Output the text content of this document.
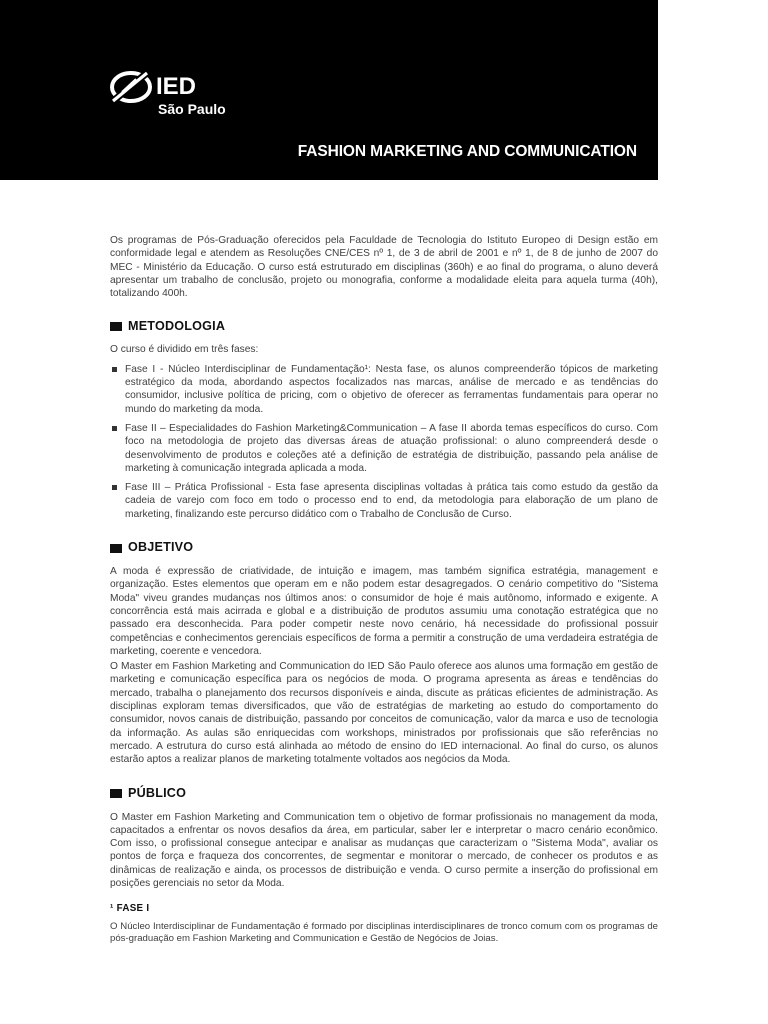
IED
São Paulo
FASHION MARKETING AND COMMUNICATION

Os programas de Pós-Graduação oferecidos pela Faculdade de Tecnologia do Istituto Europeo di Design estão em conformidade legal e atendem as Resoluções CNE/CES nº 1, de 3 de abril de 2001 e nº 1, de 8 de junho de 2007 do MEC - Ministério da Educação. O curso está estruturado em disciplinas (360h) e ao final do programa, o aluno deverá apresentar um trabalho de conclusão, projeto ou monografia, conforme a modalidade eleita para aquela turma (40h), totalizando 400h.

METODOLOGIA

O curso é dividido em três fases:

Fase I - Núcleo Interdisciplinar de Fundamentação¹: Nesta fase, os alunos compreenderão tópicos de marketing estratégico da moda, abordando aspectos focalizados nas marcas, análise de mercado e as tendências do consumidor, inclusive política de pricing, com o objetivo de oferecer as ferramentas fundamentais para operar no mundo do marketing da moda.
Fase II – Especialidades do Fashion Marketing&Communication – A fase II aborda temas específicos do curso. Com foco na metodologia de projeto das diversas áreas de atuação profissional: o aluno compreenderá desde o desenvolvimento de produtos e coleções até a definição de estratégia de distribuição, passando pela análise de marketing à comunicação integrada aplicada a moda.
Fase III – Prática Profissional - Esta fase apresenta disciplinas voltadas à prática tais como estudo da gestão da cadeia de varejo com foco em todo o processo end to end, da metodologia para elaboração de um plano de marketing, finalizando este percurso didático com o Trabalho de Conclusão de Curso.
OBJETIVO

A moda é expressão de criatividade, de intuição e imagem, mas também significa estratégia, management e organização. Estes elementos que operam em e não podem estar desagregados. O cenário competitivo do "Sistema Moda" viveu grandes mudanças nos últimos anos: o consumidor de hoje é mais autônomo, informado e exigente. A concorrência está mais acirrada e global e a distribuição de produtos assumiu uma conotação estratégica que no passado era desconhecida. Para poder competir neste novo cenário, há necessidade do profissional possuir competências e conhecimentos gerenciais específicos de forma a permitir a construção de uma verdadeira estratégia de marketing, coerente e vencedora.

O Master em Fashion Marketing and Communication do IED São Paulo oferece aos alunos uma formação em gestão de marketing e comunicação específica para os negócios de moda. O programa apresenta as áreas e tendências do mercado, trabalha o planejamento dos recursos disponíveis e ainda, discute as práticas eficientes de administração. As disciplinas exploram temas diversificados, que vão de estratégias de marketing ao estudo do comportamento do consumidor, novos canais de distribuição, passando por conceitos de comunicação, valor da marca e uso de tecnologia da informação. As aulas são enriquecidas com workshops, ministrados por profissionais que são referências no mercado. A estrutura do curso está alinhada ao método de ensino do IED internacional. Ao final do curso, os alunos estarão aptos a realizar planos de marketing totalmente voltados aos negócios da Moda.

PÚBLICO

O Master em Fashion Marketing and Communication tem o objetivo de formar profissionais no management da moda, capacitados a enfrentar os novos desafios da área, em particular, saber ler e interpretar o macro cenário econômico. Com isso, o profissional consegue antecipar e analisar as mudanças que caracterizam o "Sistema Moda", avaliar os pontos de força e fraqueza dos concorrentes, de segmentar e monitorar o mercado, de conhecer os produtos e as dinâmicas de realização e ainda, os processos de distribuição e venda. O curso permite a inserção do profissional em posições gerenciais no setor da Moda.

¹ FASE I

O Núcleo Interdisciplinar de Fundamentação é formado por disciplinas interdisciplinares de tronco comum com os programas de pós-graduação em Fashion Marketing and Communication e Gestão de Negócios de Joias.
